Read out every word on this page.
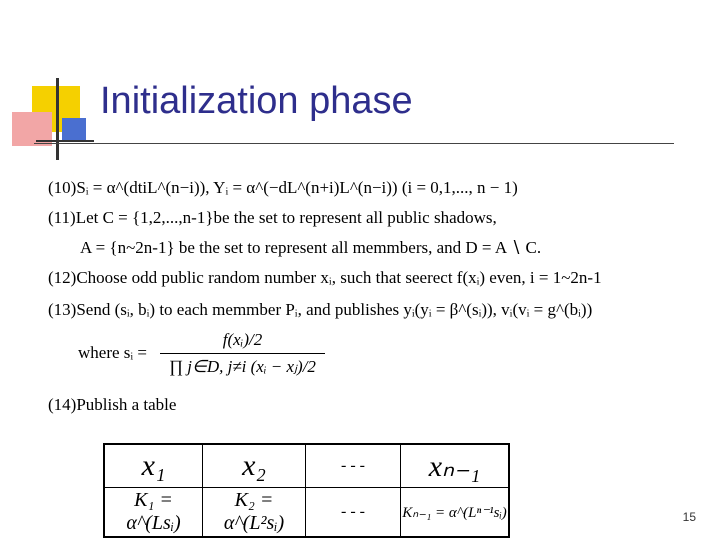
Initialization phase
(10)Sᵢ = α^(dtiL^(n−i)), Yᵢ = α^(−dL^(n+i)L^(n−i)) (i = 0,1,..., n − 1)
(11)Let C = {1,2,...,n-1}be the set to represent all public shadows,
A = {n~2n-1} be the set to represent all memmbers, and D = A ∖ C.
(12)Choose odd public random number xᵢ, such that seerect f(xᵢ) even, i = 1~2n-1
(13)Send (sᵢ, bᵢ) to each memmber Pᵢ, and publishes yᵢ(yᵢ = β^(sᵢ)), vᵢ(vᵢ = g^(bᵢ))
where sᵢ = $\frac{\text{f(xᵢ)/2}}{\text{∏ j∈D, j≠i (xᵢ − xⱼ)/2}}$
(14)Publish a table
x₁	x₂	- - -	xₙ₋₁
K₁ = α^(Lsᵢ)	K₂ = α^(L²sᵢ)	- - -	Kₙ₋₁ = α^(Lⁿ⁻¹sᵢ)	15
